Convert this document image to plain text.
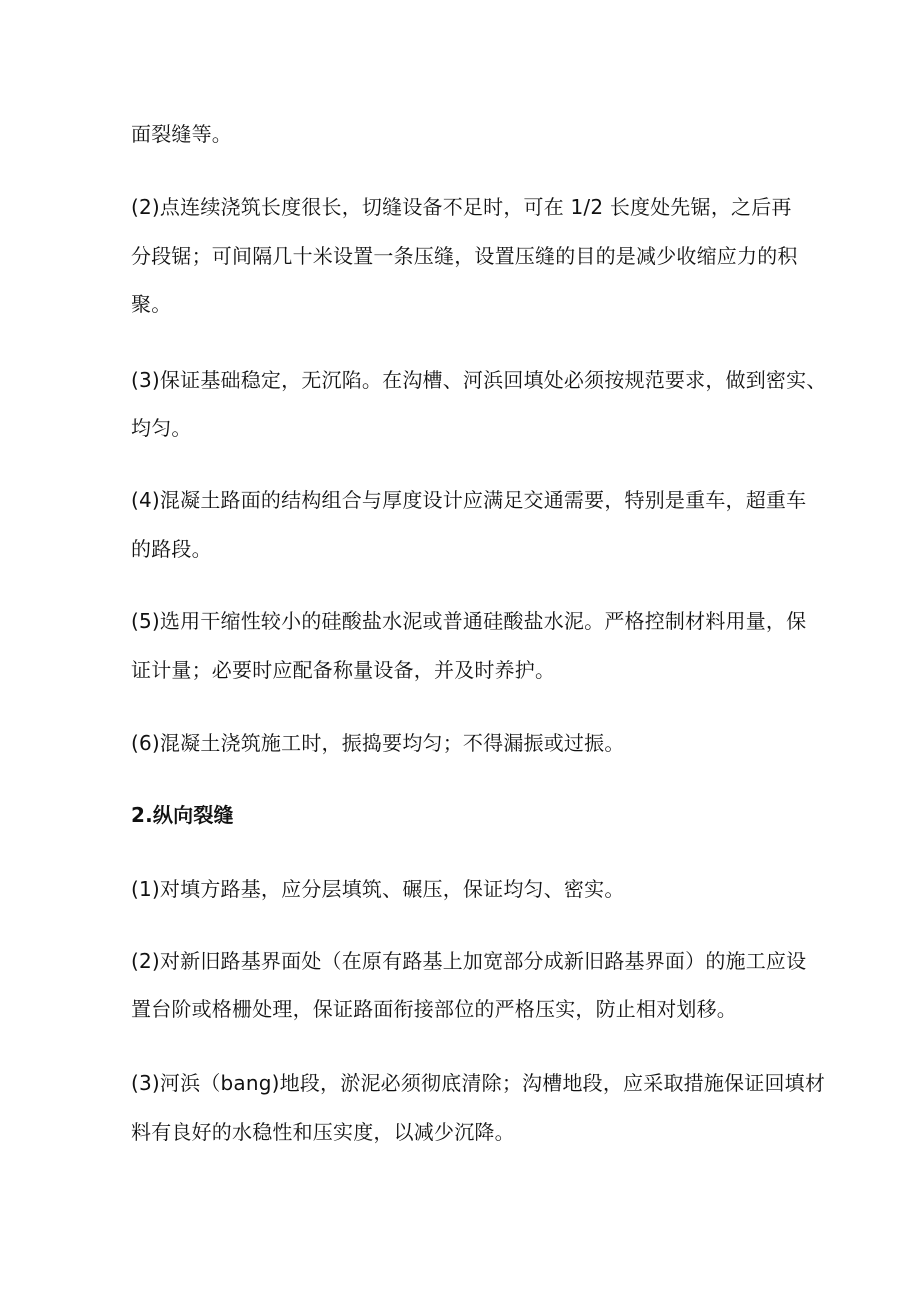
面裂缝等。
(2)点连续浇筑长度很长，切缝设备不足时，可在 1/2 长度处先锯，之后再
分段锯；可间隔几十米设置一条压缝，设置压缝的目的是减少收缩应力的积
聚。
(3)保证基础稳定，无沉陷。在沟槽、河浜回填处必须按规范要求，做到密实、
均匀。
(4)混凝土路面的结构组合与厚度设计应满足交通需要，特别是重车，超重车
的路段。
(5)选用干缩性较小的硅酸盐水泥或普通硅酸盐水泥。严格控制材料用量，保
证计量；必要时应配备称量设备，并及时养护。
(6)混凝土浇筑施工时，振捣要均匀；不得漏振或过振。
2.纵向裂缝
(1)对填方路基，应分层填筑、碾压，保证均匀、密实。
(2)对新旧路基界面处（在原有路基上加宽部分成新旧路基界面）的施工应设
置台阶或格栅处理，保证路面衔接部位的严格压实，防止相对划移。
(3)河浜（bang)地段，淤泥必须彻底清除；沟槽地段，应采取措施保证回填材
料有良好的水稳性和压实度，以减少沉降。
